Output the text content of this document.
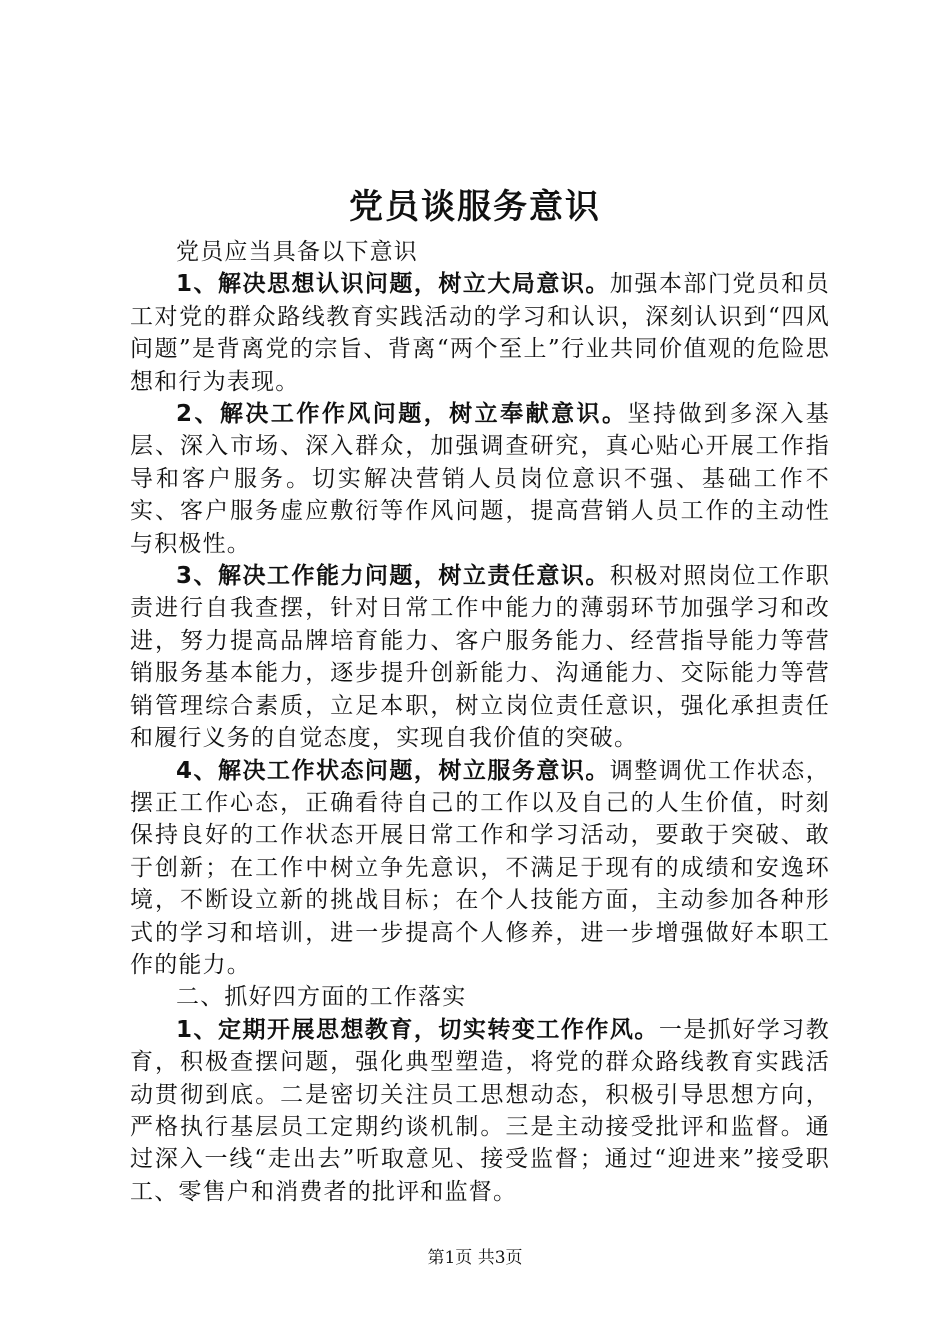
党员谈服务意识

党员应当具备以下意识

1、解决思想认识问题，树立大局意识。加强本部门党员和员工对党的群众路线教育实践活动的学习和认识，深刻认识到“四风问题”是背离党的宗旨、背离“两个至上”行业共同价值观的危险思想和行为表现。

2、解决工作作风问题，树立奉献意识。坚持做到多深入基层、深入市场、深入群众，加强调查研究，真心贴心开展工作指导和客户服务。切实解决营销人员岗位意识不强、基础工作不实、客户服务虚应敷衍等作风问题，提高营销人员工作的主动性与积极性。

3、解决工作能力问题，树立责任意识。积极对照岗位工作职责进行自我查摆，针对日常工作中能力的薄弱环节加强学习和改进，努力提高品牌培育能力、客户服务能力、经营指导能力等营销服务基本能力，逐步提升创新能力、沟通能力、交际能力等营销管理综合素质，立足本职，树立岗位责任意识，强化承担责任和履行义务的自觉态度，实现自我价值的突破。

4、解决工作状态问题，树立服务意识。调整调优工作状态，摆正工作心态，正确看待自己的工作以及自己的人生价值，时刻保持良好的工作状态开展日常工作和学习活动，要敢于突破、敢于创新；在工作中树立争先意识，不满足于现有的成绩和安逸环境，不断设立新的挑战目标；在个人技能方面，主动参加各种形式的学习和培训，进一步提高个人修养，进一步增强做好本职工作的能力。

二、抓好四方面的工作落实

1、定期开展思想教育，切实转变工作作风。一是抓好学习教育，积极查摆问题，强化典型塑造，将党的群众路线教育实践活动贯彻到底。二是密切关注员工思想动态，积极引导思想方向，严格执行基层员工定期约谈机制。三是主动接受批评和监督。通过深入一线“走出去”听取意见、接受监督；通过“迎进来”接受职工、零售户和消费者的批评和监督。

第1页 共3页
